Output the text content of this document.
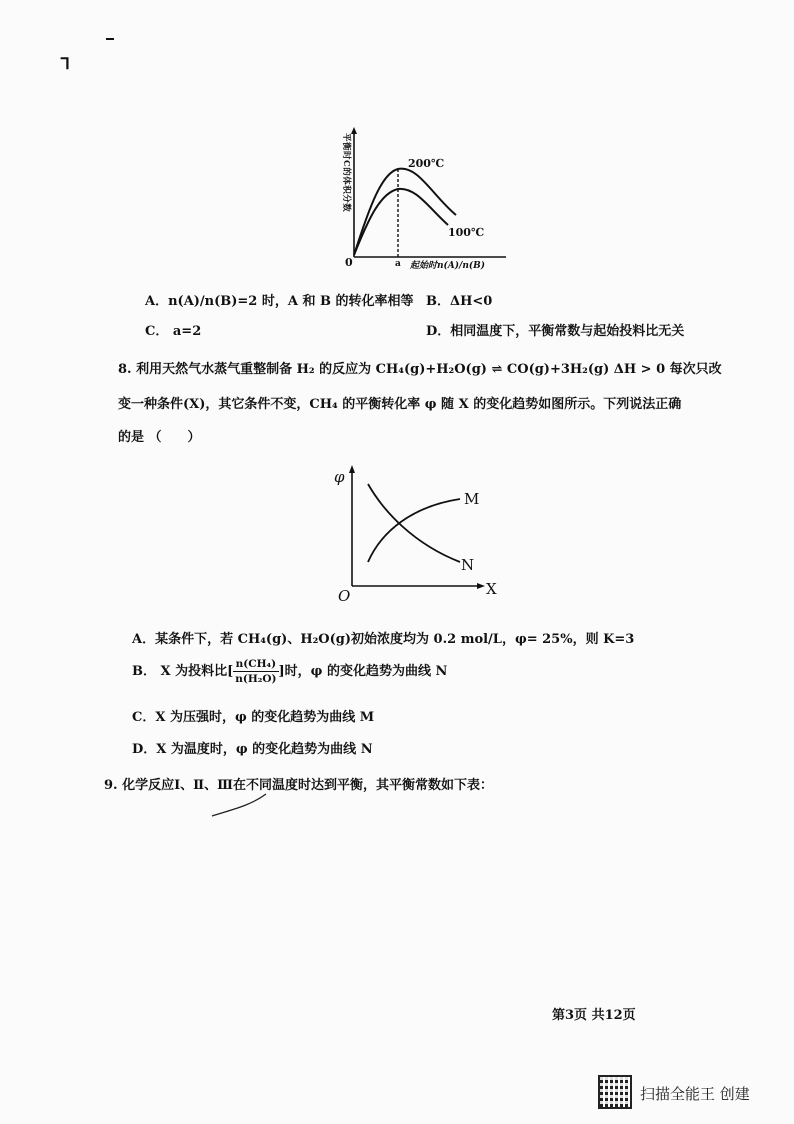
ᒣ
平衡时C的体积分数
0	a 起始时n(A)/n(B)
200℃
100℃
A．n(A)/n(B)=2 时，A 和 B 的转化率相等 B．ΔH<0
C． a=2	D．相同温度下，平衡常数与起始投料比无关
8. 利用天然气水蒸气重整制备 H₂ 的反应为 CH₄(g)+H₂O(g) ⇌ CO(g)+3H₂(g) ΔH > 0 每次只改
变一种条件(X)，其它条件不变，CH₄ 的平衡转化率 φ 随 X 的变化趋势如图所示。下列说法正确
的是 （　　）
φ
O	X
M
N
A．某条件下，若 CH₄(g)、H₂O(g)初始浓度均为 0.2 mol/L，φ= 25%，则 K=3
B． X 为投料比[ $\frac{\text{n(CH₄)}}{\text{n(H₂O)}}$ ]时，φ 的变化趋势为曲线 N
C．X 为压强时，φ 的变化趋势为曲线 M
D．X 为温度时，φ 的变化趋势为曲线 N
9. 化学反应Ⅰ、Ⅱ、Ⅲ在不同温度时达到平衡，其平衡常数如下表：
第3页 共12页
扫描全能王 创建
